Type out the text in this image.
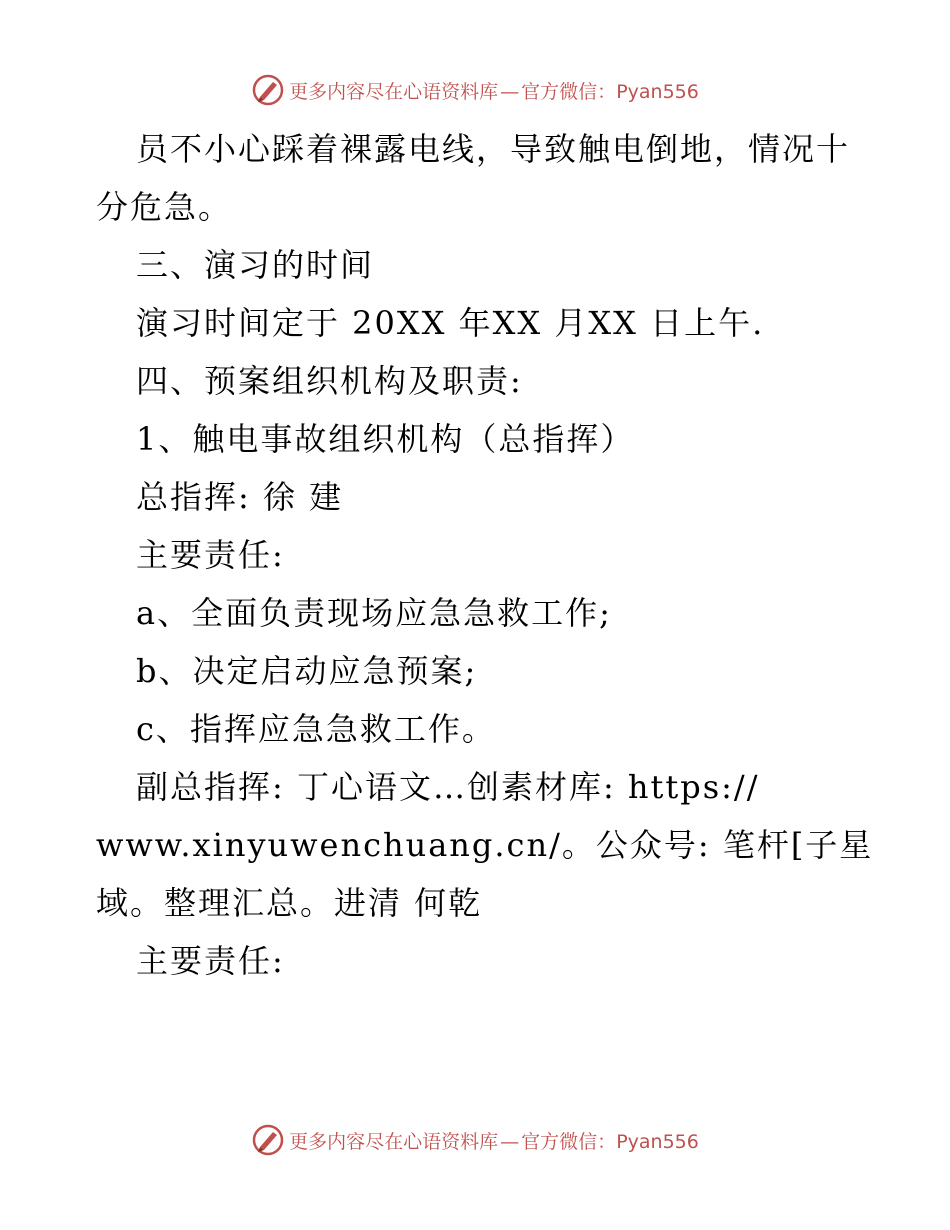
更多内容尽在心语资料库 — 官方微信：Pyan556
员不小心踩着裸露电线，导致触电倒地，情况十
分危急。
三、演习的时间
演习时间定于 20XX 年XX 月XX 日上午.
四、预案组织机构及职责:
1、触电事故组织机构（总指挥）
总指挥: 徐 建
主要责任:
a、全面负责现场应急急救工作;
b、决定启动应急预案;
c、指挥应急急救工作。
副总指挥: 丁心语文…创素材库: https://
www.xinyuwenchuang.cn/。公众号: 笔杆[子星
域。整理汇总。进清 何乾
主要责任:
更多内容尽在心语资料库 — 官方微信：Pyan556
